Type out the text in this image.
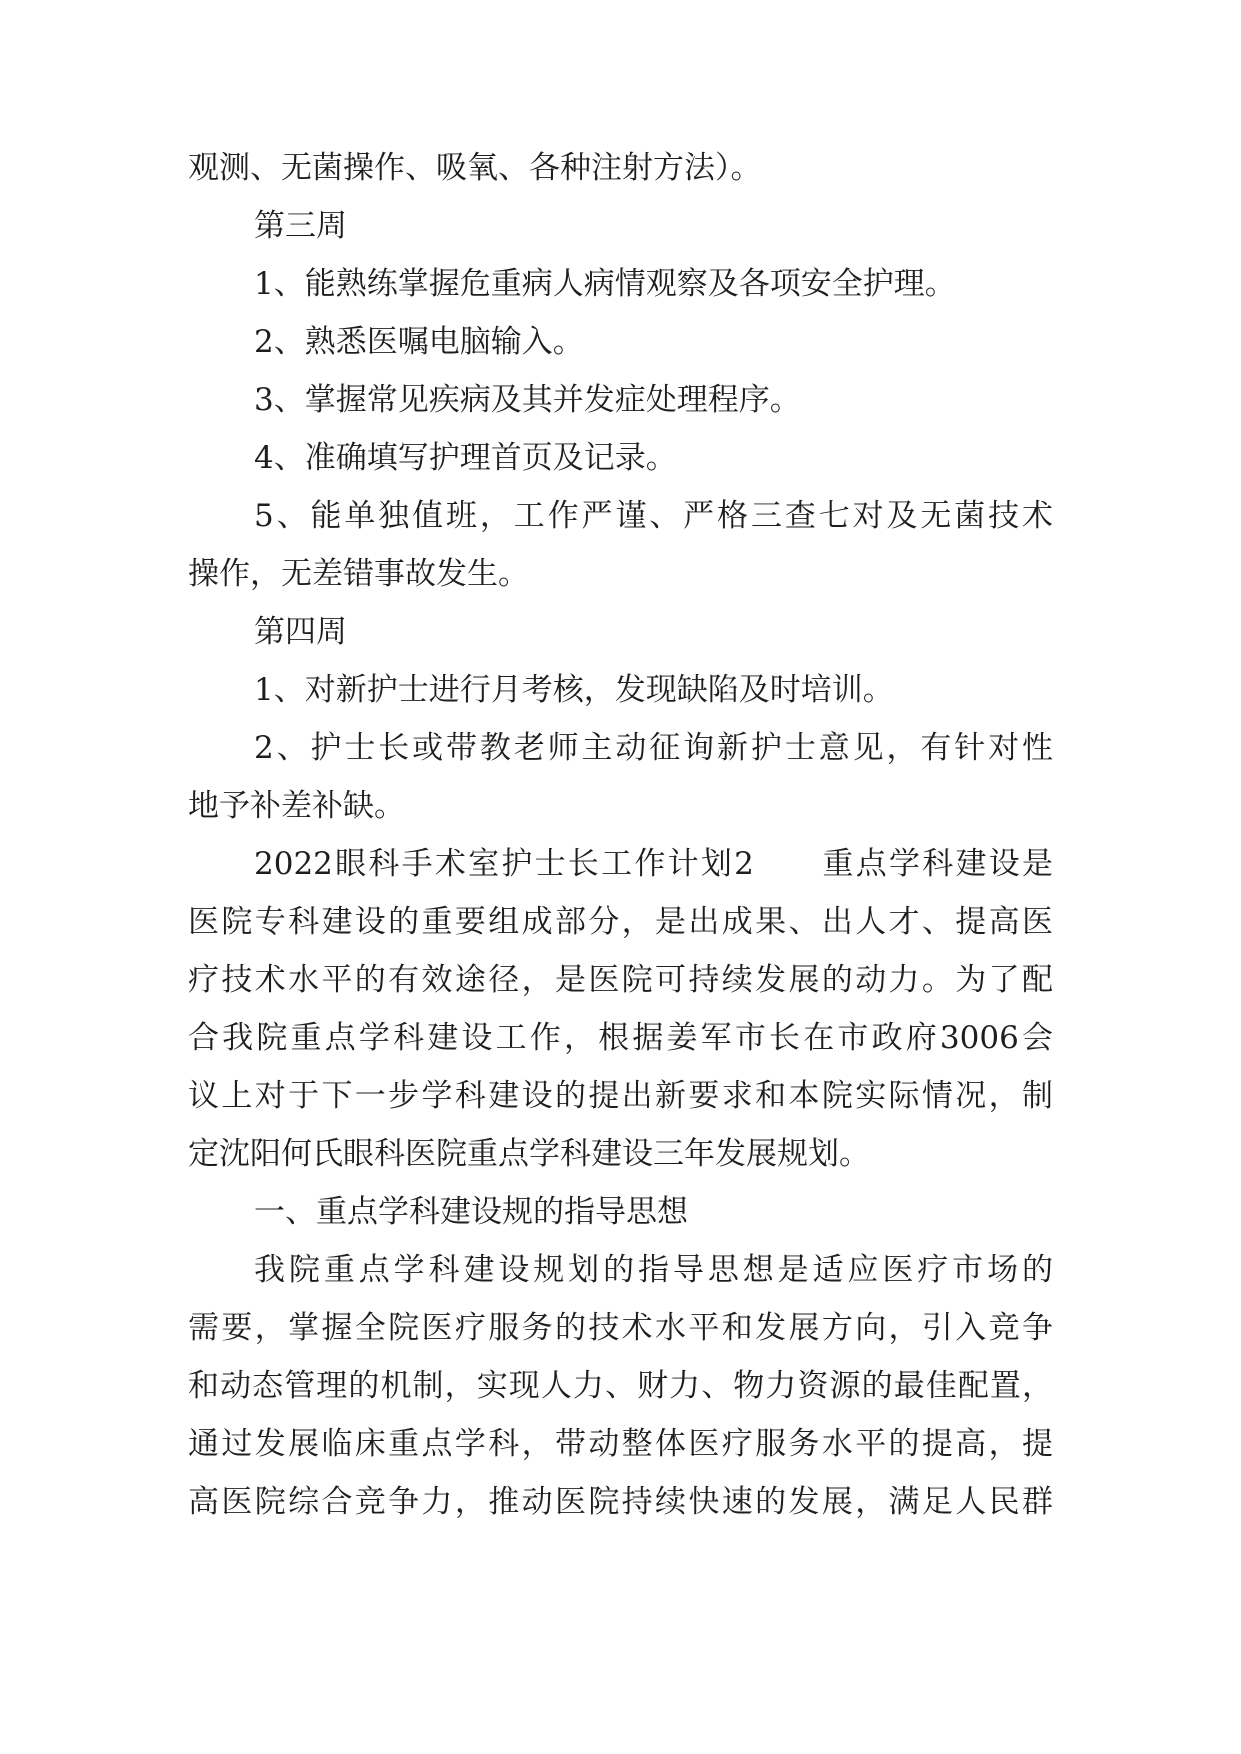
观测、无菌操作、吸氧、各种注射方法）。

第三周

1、能熟练掌握危重病人病情观察及各项安全护理。

2、熟悉医嘱电脑输入。

3、掌握常见疾病及其并发症处理程序。

4、准确填写护理首页及记录。

5、能单独值班，工作严谨、严格三查七对及无菌技术

操作，无差错事故发生。

第四周

1、对新护士进行月考核，发现缺陷及时培训。

2、护士长或带教老师主动征询新护士意见，有针对性

地予补差补缺。

2022眼科手术室护士长工作计划2　　重点学科建设是

医院专科建设的重要组成部分，是出成果、出人才、提高医

疗技术水平的有效途径，是医院可持续发展的动力。为了配

合我院重点学科建设工作，根据姜军市长在市政府3006会

议上对于下一步学科建设的提出新要求和本院实际情况，制

定沈阳何氏眼科医院重点学科建设三年发展规划。

一、重点学科建设规的指导思想

我院重点学科建设规划的指导思想是适应医疗市场的

需要，掌握全院医疗服务的技术水平和发展方向，引入竞争

和动态管理的机制，实现人力、财力、物力资源的最佳配置，

通过发展临床重点学科，带动整体医疗服务水平的提高，提

高医院综合竞争力，推动医院持续快速的发展，满足人民群
